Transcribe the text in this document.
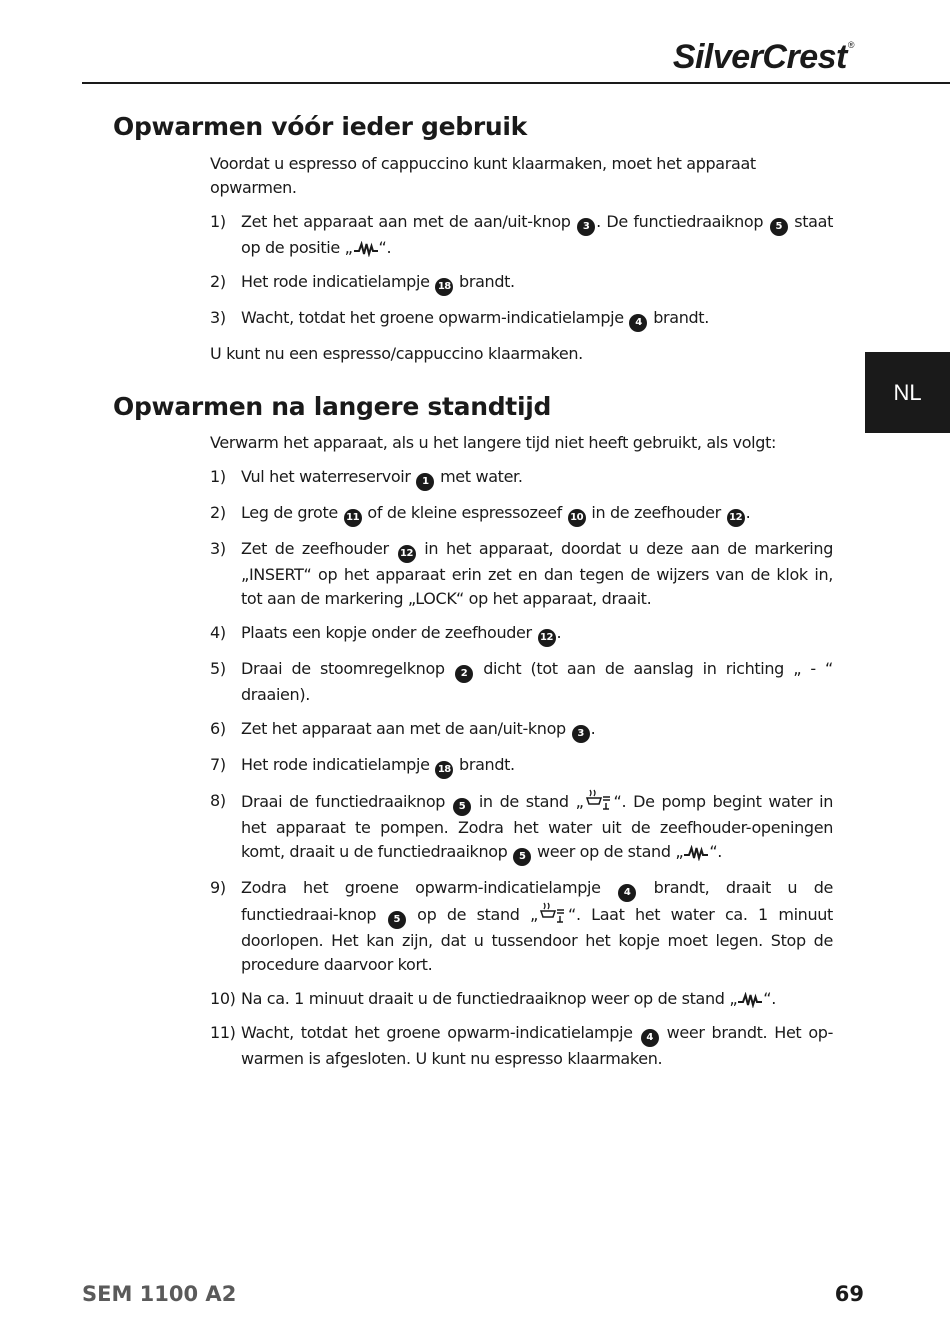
SilverCrest®
NL
Opwarmen vóór ieder gebruik

Voordat u espresso of cappuccino kunt klaarmaken, moet het apparaat opwarmen.

1) Zet het apparaat aan met de aan/uit-knop 3 . De functiedraaiknop 5 staat op de positie „ “.
2) Het rode indicatielampje 18 brandt.
3) Wacht, totdat het groene opwarm-indicatielampje 4 brandt.

U kunt nu een espresso/cappuccino klaarmaken.

Opwarmen na langere standtijd

Verwarm het apparaat, als u het langere tijd niet heeft gebruikt, als volgt:

1) Vul het waterreservoir 1 met water.
2) Leg de grote 11 of de kleine espressozeef 10 in de zeefhouder 12 .
3) Zet de zeefhouder 12 in het apparaat, doordat u deze aan de markering „INSERT“ op het apparaat erin zet en dan tegen de wijzers van de klok in, tot aan de markering „LOCK“ op het apparaat, draait.
4) Plaats een kopje onder de zeefhouder 12 .
5) Draai de stoomregelknop 2 dicht (tot aan de aanslag in richting „ - “ draaien).
6) Zet het apparaat aan met de aan/uit-knop 3 .
7) Het rode indicatielampje 18 brandt.
8) Draai de functiedraaiknop 5 in de stand „ “. De pomp begint water in het apparaat te pompen. Zodra het water uit de zeefhouder-openingen komt, draait u de functiedraaiknop 5 weer op de stand „ “.
9) Zodra het groene opwarm-indicatielampje 4 brandt, draait u de functiedraai-knop 5 op de stand „ “. Laat het water ca. 1 minuut doorlopen. Het kan zijn, dat u tussendoor het kopje moet legen. Stop de procedure daarvoor kort.
10) Na ca. 1 minuut draait u de functiedraaiknop weer op de stand „ “.
11) Wacht, totdat het groene opwarm-indicatielampje 4 weer brandt. Het op-warmen is afgesloten. U kunt nu espresso klaarmaken.
SEM 1100 A2	69
